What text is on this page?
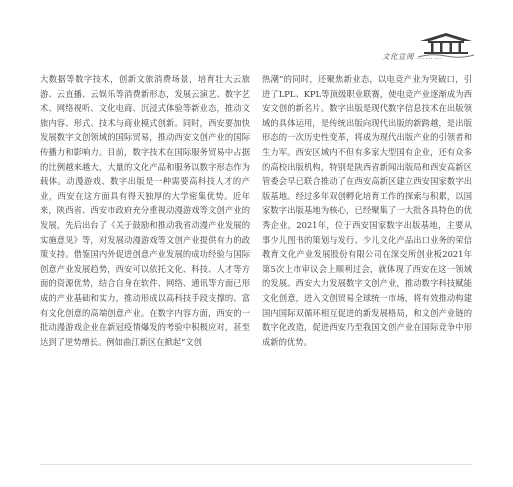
文化宣阅 ………

大数据等数字技术，创新文旅消费场景，培育壮大云旅游、云直播、云娱乐等消费新形态，发展云演艺、数字艺术、网络视听、文化电商、沉浸式体验等新业态，推动文旅内容、形式、技术与商业模式创新。同时，西安要加快发展数字文创领域的国际贸易，推动西安文创产业的国际传播力和影响力。目前，数字技术在国际服务贸易中占据的比例越来越大，大量的文化产品和服务以数字形态作为载体。动漫游戏、数字出版是一种需要高科技人才的产业，西安在这方面具有得天独厚的大学密集优势。近年来，陕西省、西安市政府充分重视动漫游戏等文创产业的发展，先后出台了《关于鼓励和推动我省动漫产业发展的实施意见》等，对发展动漫游戏等文创产业提供有力的政策支持。借鉴国内外促进创意产业发展的成功经验与国际创意产业发展趋势，西安可以依托文化、科技、人才等方面的资源优势，结合自身在软件、网络、通讯等方面已形成的产业基础和实力，推动形成以高科技手段支撑的、富有文化创意的高端创意产业。在数字内容方面，西安的一批动漫游戏企业在新冠疫情爆发的考验中积极应对，甚至达到了逆势增长。例如曲江新区在掀起“文创

热潮”的同时，还聚焦新业态，以电竞产业为突破口，引进了LPL、KPL等顶级职业联赛，使电竞产业逐渐成为西安文创的新名片。数字出版是现代数字信息技术在出版领域的具体运用，是传统出版向现代出版的新跨越，是出版形态的一次历史性变革，将成为现代出版产业的引领者和生力军。西安区域内不但有多家大型国有企业，还有众多的高校出版机构，特别是陕西省新闻出版局和西安高新区管委会早已联合推动了在西安高新区建立西安国家数字出版基地。经过多年双创孵化培育工作的探索与积累，以国家数字出版基地为核心，已经聚集了一大批各具特色的优秀企业，2021年，位于西安国家数字出版基地，主要从事少儿图书的策划与发行、少儿文化产品出口业务的荣信教育文化产业发展股份有限公司在深交所创业板2021年第5次上市审议会上顺利过会，就体现了西安在这一领域的发展。西安大力发展数字文创产业，推动数字科技赋能文化创意，进入文创贸易全球统一市场，将有效推动构建国内国际双循环相互促进的新发展格局，和文创产业链的数字化改造，促进西安乃至我国文创产业在国际竞争中形成新的优势。
